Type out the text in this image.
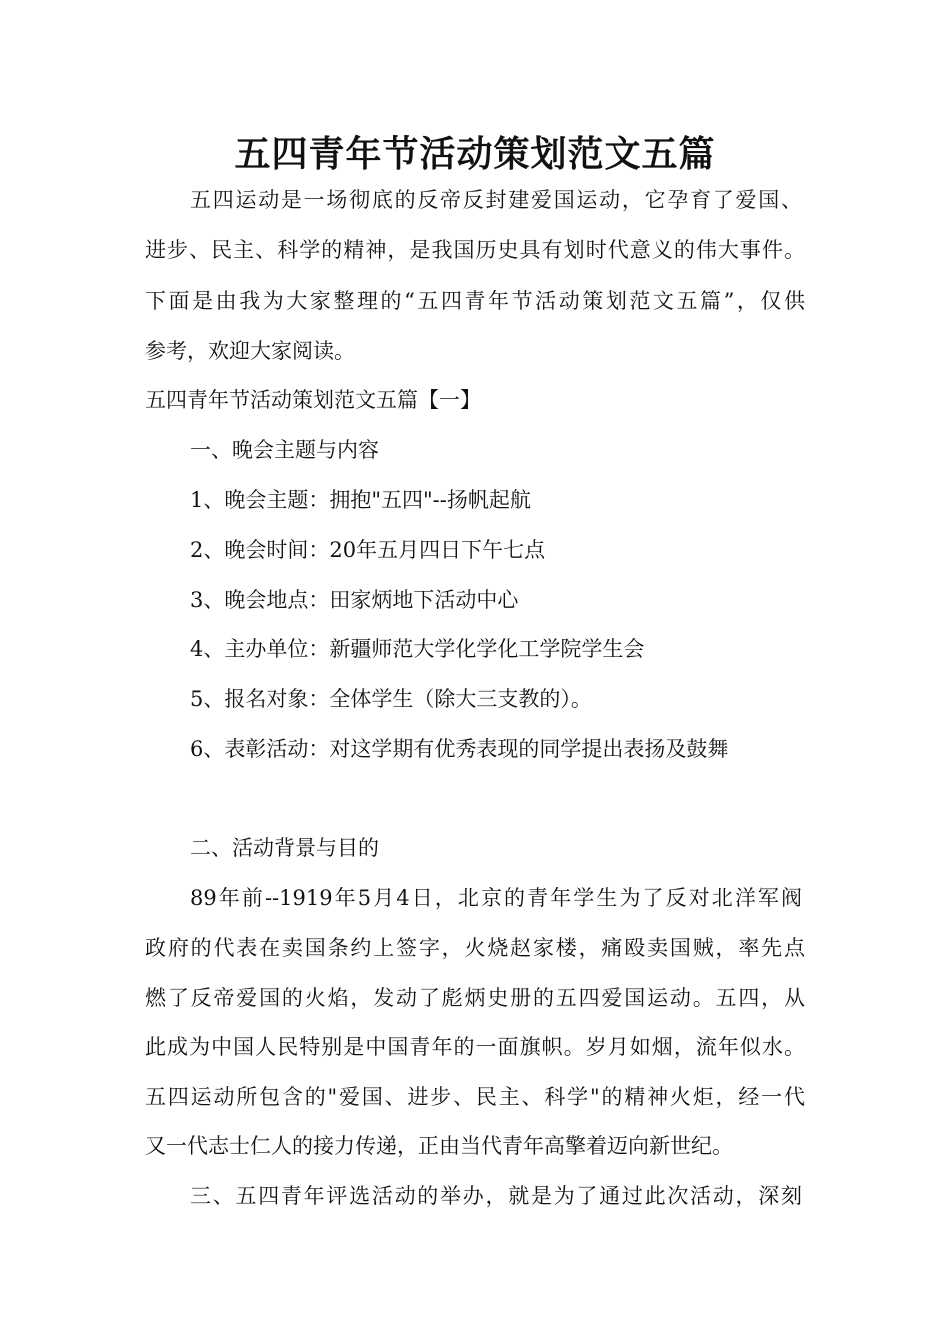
五四青年节活动策划范文五篇

五四运动是一场彻底的反帝反封建爱国运动，它孕育了爱国、

进步、民主、科学的精神，是我国历史具有划时代意义的伟大事件。

下面是由我为大家整理的“五四青年节活动策划范文五篇”，仅供

参考，欢迎大家阅读。

五四青年节活动策划范文五篇【一】

一、晚会主题与内容

1、晚会主题：拥抱"五四"--扬帆起航

2、晚会时间：20年五月四日下午七点

3、晚会地点：田家炳地下活动中心

4、主办单位：新疆师范大学化学化工学院学生会

5、报名对象：全体学生（除大三支教的）。

6、表彰活动：对这学期有优秀表现的同学提出表扬及鼓舞

二、活动背景与目的

89年前--1919年5月4日，北京的青年学生为了反对北洋军阀

政府的代表在卖国条约上签字，火烧赵家楼，痛殴卖国贼，率先点

燃了反帝爱国的火焰，发动了彪炳史册的五四爱国运动。五四，从

此成为中国人民特别是中国青年的一面旗帜。岁月如烟，流年似水。

五四运动所包含的"爱国、进步、民主、科学"的精神火炬，经一代

又一代志士仁人的接力传递，正由当代青年高擎着迈向新世纪。

三、五四青年评选活动的举办，就是为了通过此次活动，深刻
